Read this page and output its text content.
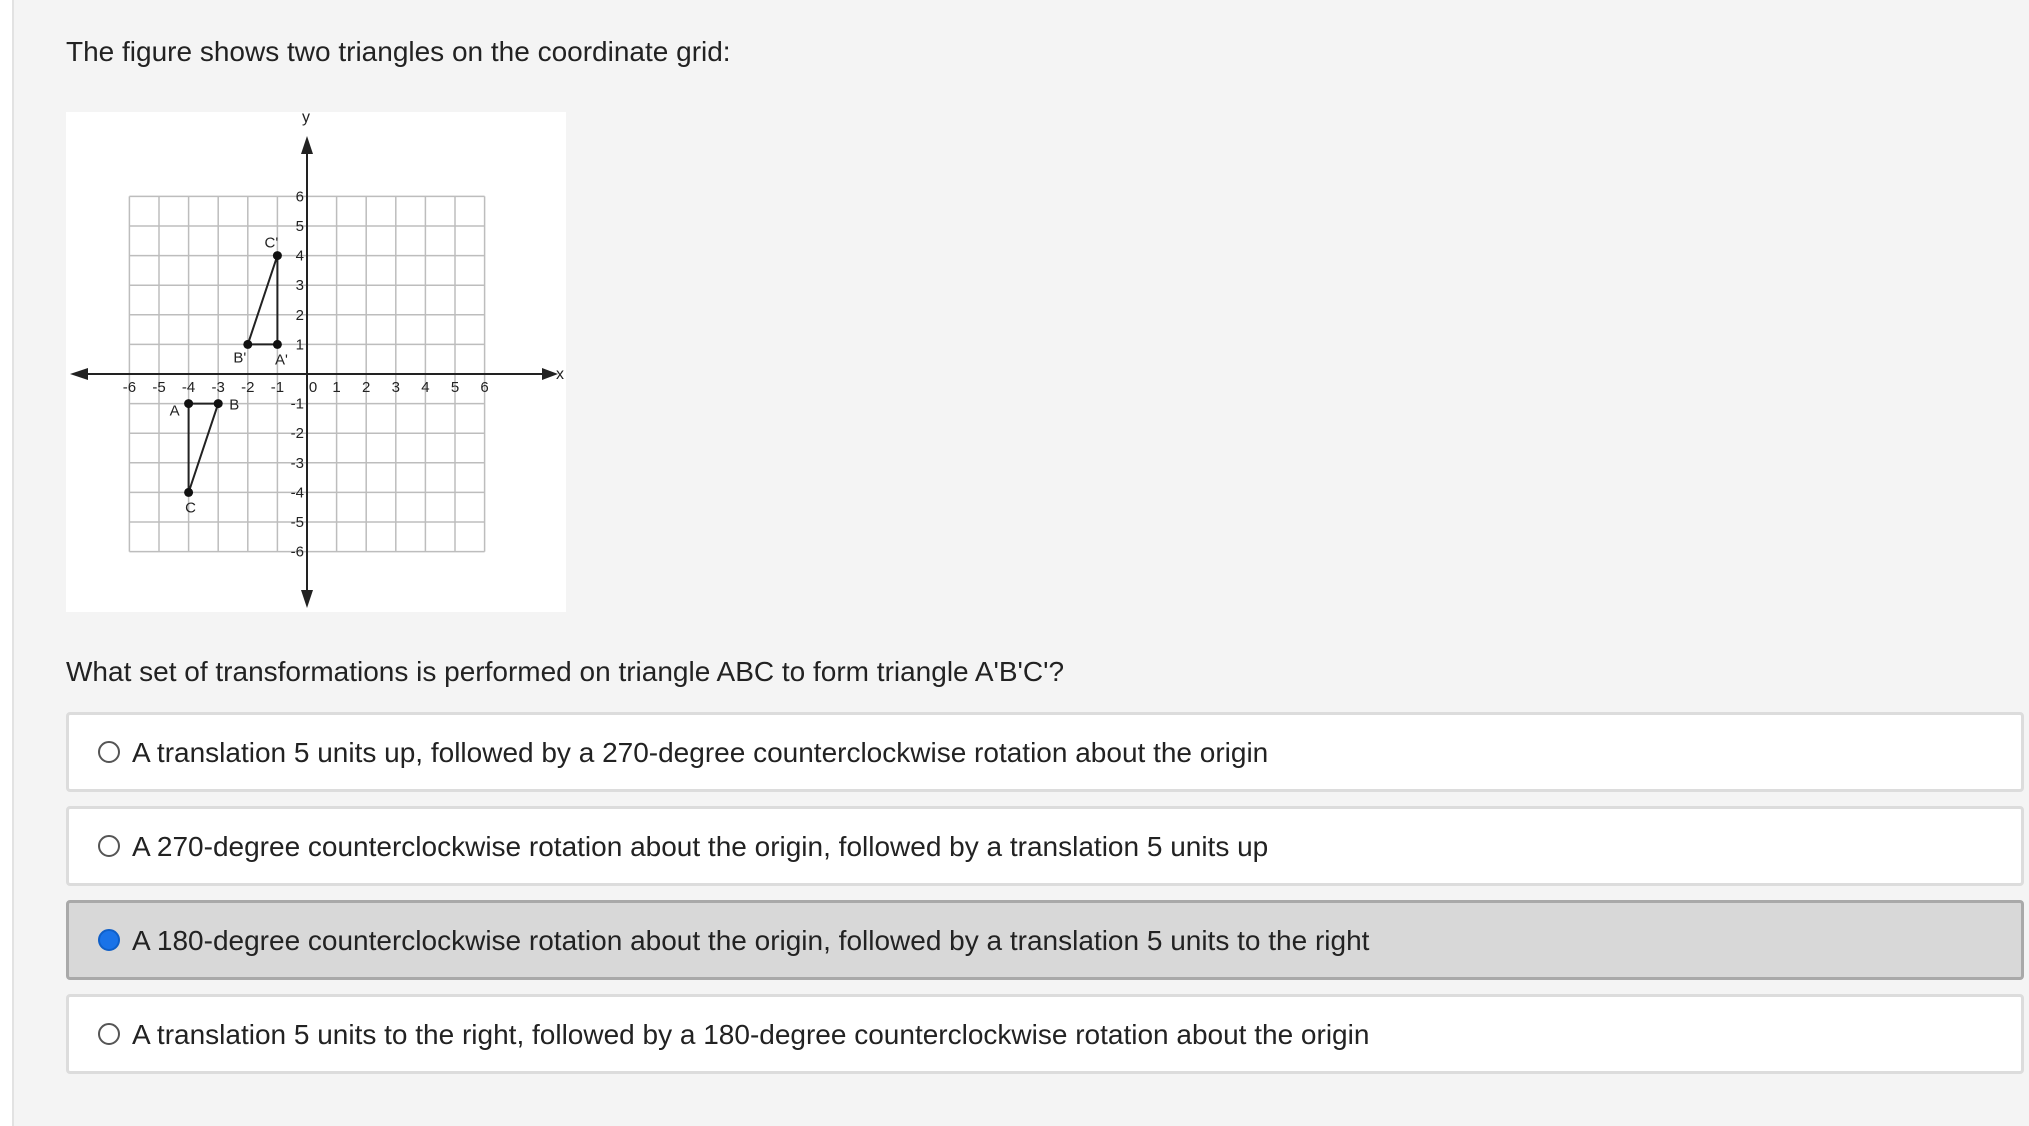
The figure shows two triangles on the coordinate grid:
x
y
-6 -5 -4 -3 -2 -1 0 1 2 3 4 5 6
6
5
4
3
2
1
-1
-2
-3
-4
-5
-6
A	B
C
A'
B'
C'
What set of transformations is performed on triangle ABC to form triangle A'B'C'?
A translation 5 units up, followed by a 270-degree counterclockwise rotation about the origin
A 270-degree counterclockwise rotation about the origin, followed by a translation 5 units up
A 180-degree counterclockwise rotation about the origin, followed by a translation 5 units to the right
A translation 5 units to the right, followed by a 180-degree counterclockwise rotation about the origin
